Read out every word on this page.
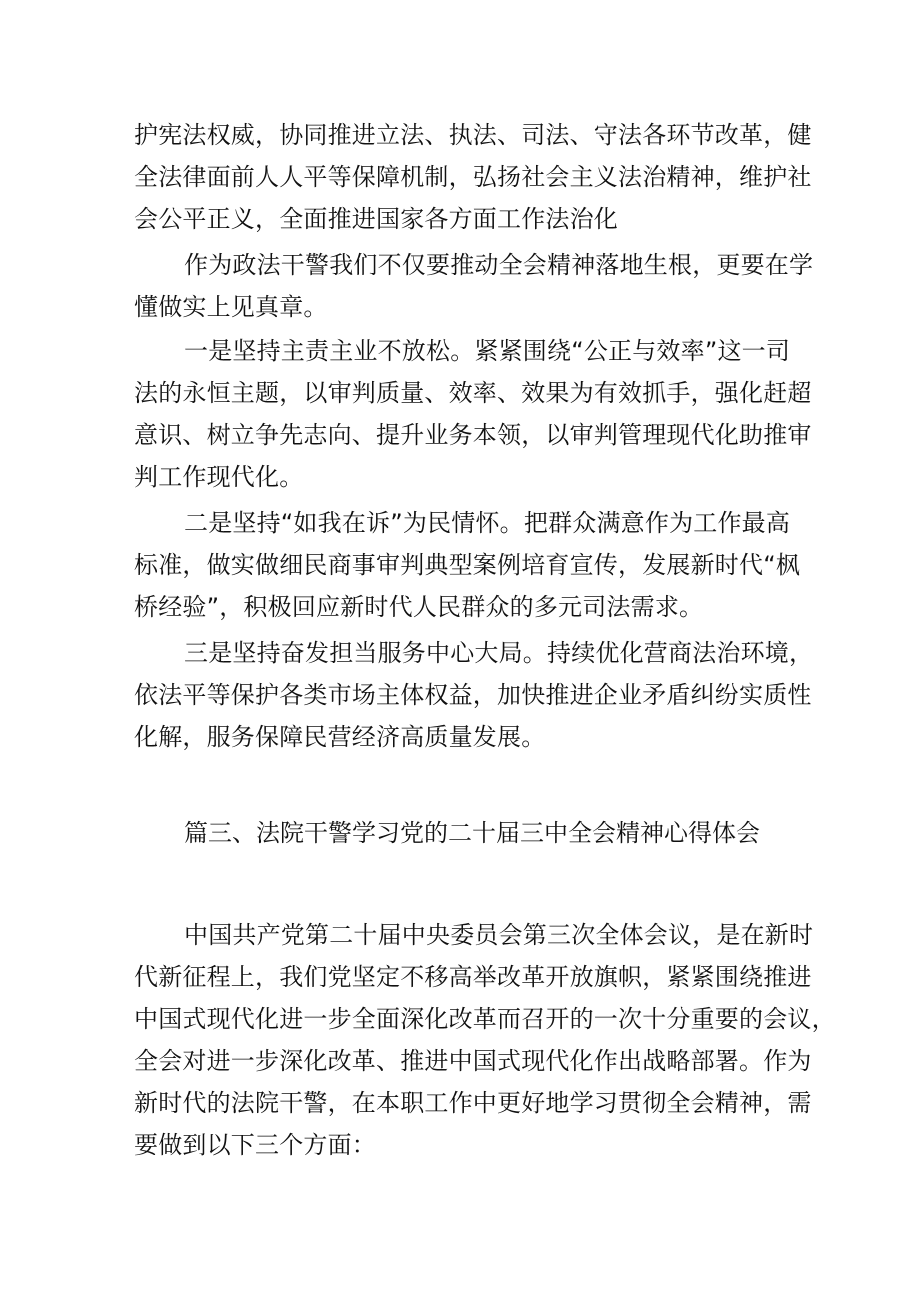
护宪法权威，协同推进立法、执法、司法、守法各环节改革，健
全法律面前人人平等保障机制，弘扬社会主义法治精神，维护社
会公平正义，全面推进国家各方面工作法治化
作为政法干警我们不仅要推动全会精神落地生根，更要在学
懂做实上见真章。
一是坚持主责主业不放松。紧紧围绕“公正与效率”这一司
法的永恒主题，以审判质量、效率、效果为有效抓手，强化赶超
意识、树立争先志向、提升业务本领，以审判管理现代化助推审
判工作现代化。
二是坚持“如我在诉”为民情怀。把群众满意作为工作最高
标准，做实做细民商事审判典型案例培育宣传，发展新时代“枫
桥经验”，积极回应新时代人民群众的多元司法需求。
三是坚持奋发担当服务中心大局。持续优化营商法治环境，
依法平等保护各类市场主体权益，加快推进企业矛盾纠纷实质性
化解，服务保障民营经济高质量发展。
篇三、法院干警学习党的二十届三中全会精神心得体会
中国共产党第二十届中央委员会第三次全体会议，是在新时
代新征程上，我们党坚定不移高举改革开放旗帜，紧紧围绕推进
中国式现代化进一步全面深化改革而召开的一次十分重要的会议，
全会对进一步深化改革、推进中国式现代化作出战略部署。作为
新时代的法院干警，在本职工作中更好地学习贯彻全会精神，需
要做到以下三个方面：
